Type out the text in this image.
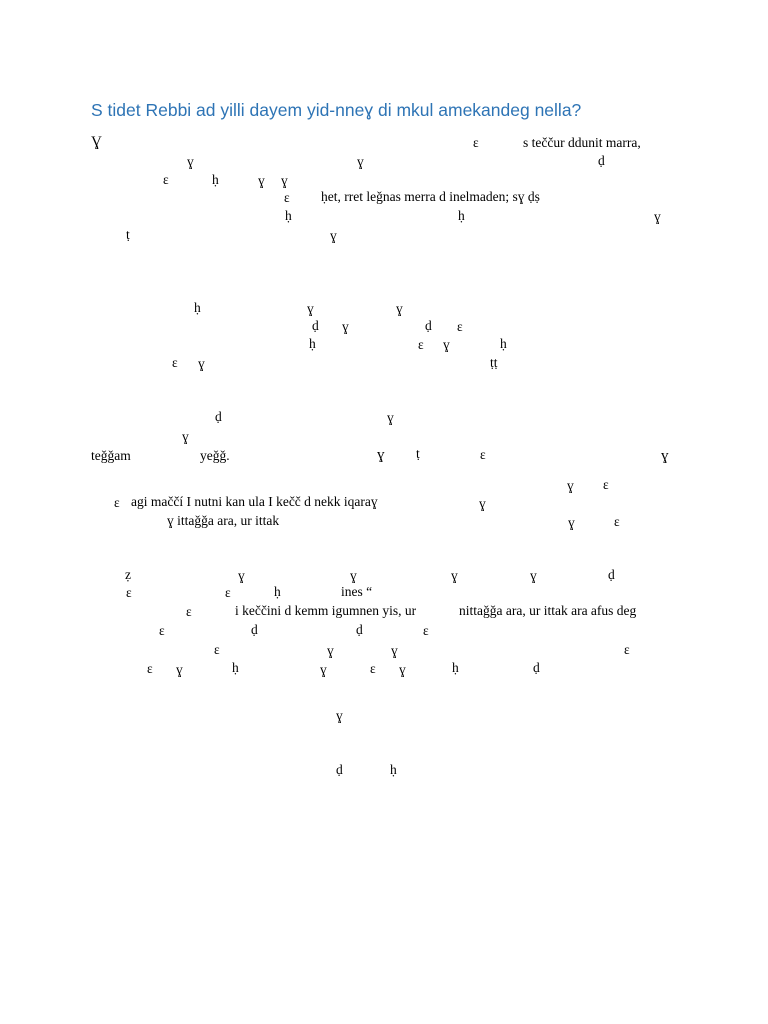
S tidet Rebbi ad yilli dayem yid-nneɣ di mkul amekandeg nella?
Ɣ	ε	s teččur ddunit marra,
ɣ	ɣ	ḍ
ε	ḥ	ɣ ɣ
ε ḥet, rret leǧnas merra d inelmaden; sɣ ḍṣ
ḥ	ḥ	ɣ
ṭ	ɣ
ḥ	ɣ	ɣ
ḍ ɣ	ḍ ε
ḥ	ε ɣ	ḥ
ε ɣ	ṭṭ
ḍ	ɣ
ɣ
teǧǧam	yeǧǧ.	ɣ ṭ	ε	ɣ
ɣ ε
ε agi maččí I nutni kan ula I kečč d nekk iqaraɣ	ɣ
ɣ ittaǧǧa ara, ur ittak	ɣ	ε
ẓ	ɣ	ɣ	ɣ	ɣ	ḍ
ε	ε	ḥ	ines “
ε	i keččini d kemm igumnen yis, ur	nittaǧǧa ara, ur ittak ara afus deg
ε	ḍ	ḍ	ε
ε	ɣ	ɣ	ε
ε ɣ	ḥ	ɣ	ε ɣ	ḥ	ḍ
ɣ
ḍ	ḥ
